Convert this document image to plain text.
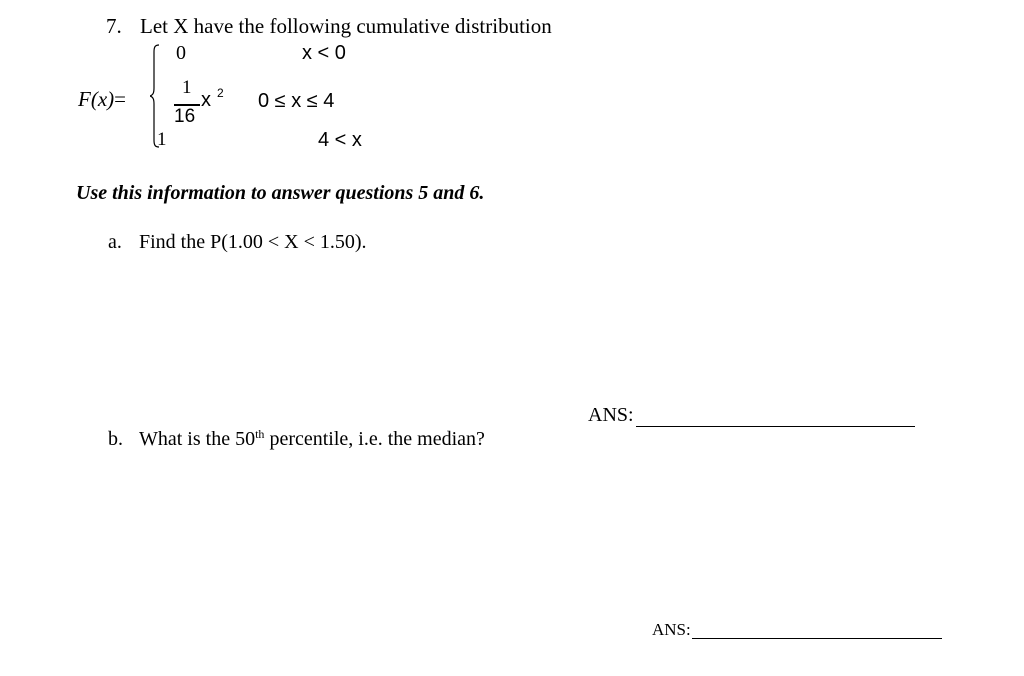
7. Let X have the following cumulative distribution
F(x)=
0	x < 0
1
16
x 2 0 ≤ x ≤ 4
1	4 < x
Use this information to answer questions 5 and 6.
a. Find the P(1.00 < X < 1.50).
ANS:
b. What is the 50th percentile, i.e. the median?
ANS:
